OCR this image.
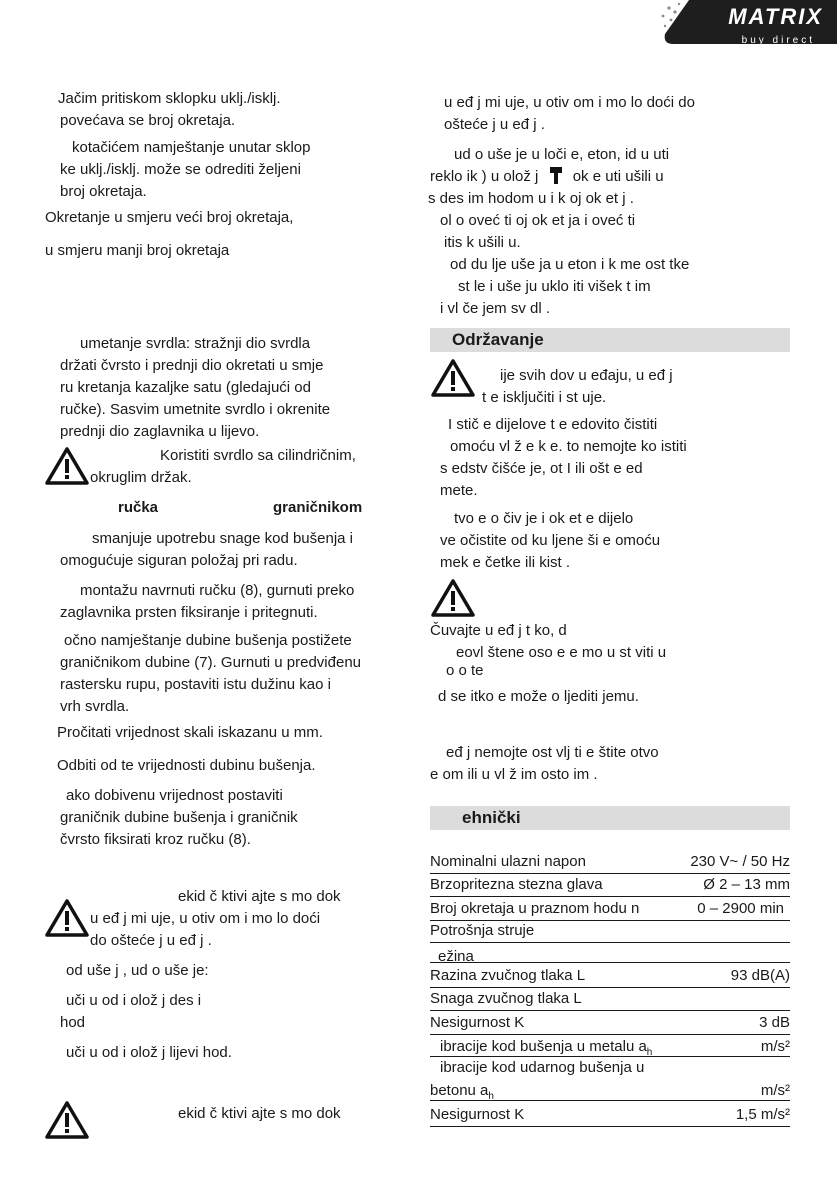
MATRIX
buy direct
Jačim pritiskom sklopku uklj./isklj.
povećava se broj okretaja.
kotačićem namještanje unutar sklop
ke uklj./isklj. može se odrediti željeni
broj okretaja.
Okretanje u smjeru veći broj okretaja,
u smjeru manji broj okretaja
umetanje svrdla: stražnji dio svrdla
držati čvrsto i prednji dio okretati u smje
ru kretanja kazaljke satu (gledajući od
ručke). Sasvim umetnite svrdlo i okrenite
prednji dio zaglavnika u lijevo.
Koristiti svrdlo sa cilindričnim,
okruglim držak.
ručka	graničnikom
smanjuje upotrebu snage kod bušenja i
omogućuje siguran položaj pri radu.
montažu navrnuti ručku (8), gurnuti preko
zaglavnika prsten fiksiranje i pritegnuti.
očno namještanje dubine bušenja postižete
graničnikom dubine (7). Gurnuti u predviđenu
rastersku rupu, postaviti istu dužinu kao i
vrh svrdla.
Pročitati vrijednost skali iskazanu u mm.
Odbiti od te vrijednosti dubinu bušenja.
ako dobivenu vrijednost postaviti
graničnik dubine bušenja i graničnik
čvrsto fiksirati kroz ručku (8).
ekid č ktivi ajte s mo dok
u eđ j mi uje, u otiv om i mo lo doći
do ošteće j u eđ j .
od uše j , ud o uše je:
uči u od i olož j des i
hod
uči u od i olož j lijevi hod.
ekid č ktivi ajte s mo dok
u eđ j mi uje, u otiv om i mo lo doći do
ošteće j u eđ j .
ud o uše je u loči e, eton, id u uti
reklo ik ) u olož j ok e uti ušili u
s des im hodom u i k oj ok et j .
ol o oveć ti oj ok et ja i oveć ti
itis k ušili u.
od du lje uše ja u eton i k me ost tke
st le i uše ju uklo iti višek t im
i vl če jem sv dl .
Održavanje
ije svih dov u eđaju, u eđ j
t e isključiti i st uje.
I stič e dijelove t e edovito čistiti
omoću vl ž e k e. to nemojte ko istiti
s edstv čišće je, ot I ili ošt e ed
mete.
tvo e o čiv je i ok et e dijelo
ve očistite od ku ljene ši e omoću
mek e četke ili kist .
Čuvajte u eđ j t ko, d
eovl štene oso e e mo u st viti u
o o te
d se itko e može o ljediti jemu.
eđ j nemojte ost vlj ti e štite otvo
e om ili u vl ž im osto im .
ehnički
Nominalni ulazni napon	230 V~ / 50 Hz
Brzopritezna stezna glava	Ø 2 – 13 mm
Broj okretaja u praznom hodu n	0 – 2900 min
Potrošnja struje
ežina
Razina zvučnog tlaka L	93 dB(A)
Snaga zvučnog tlaka L
Nesigurnost K	3 dB
ibracije kod bušenja u metalu $a_h$	m/s²
ibracije kod udarnog bušenja u
betonu $a_h$	m/s²
Nesigurnost K	1,5 m/s²
